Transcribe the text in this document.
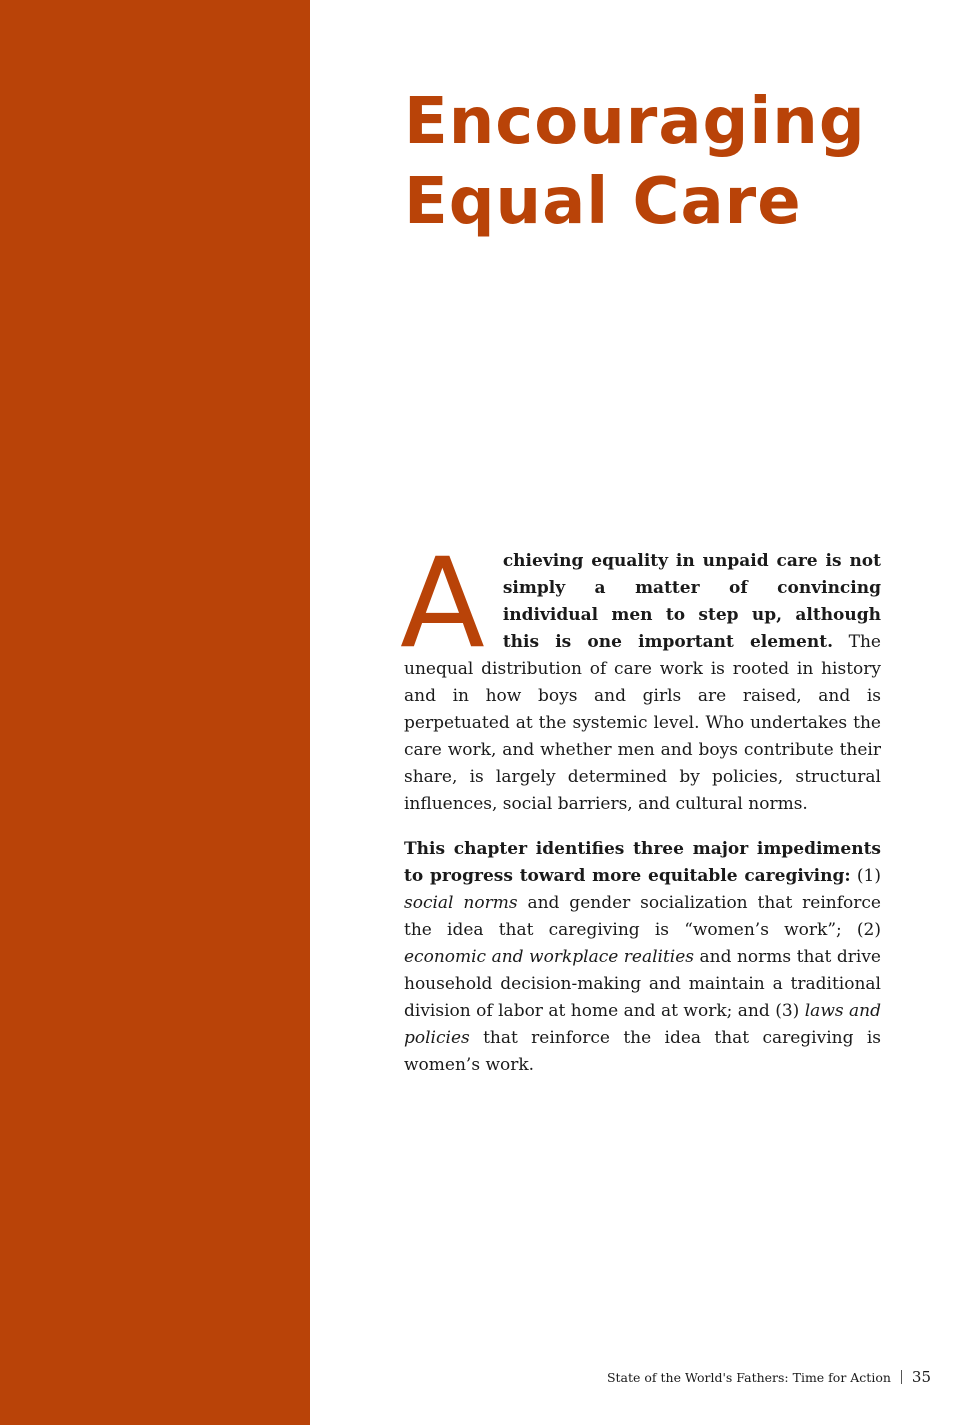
Encouraging
Equal Care

A chieving equality in unpaid care is not simply a matter of convincing individual men to step up, although this is one important element. The unequal distribution of care work is rooted in history and in how boys and girls are raised, and is perpetuated at the systemic level. Who undertakes the care work, and whether men and boys contribute their share, is largely determined by policies, structural influences, social barriers, and cultural norms.

This chapter identifies three major impediments to progress toward more equitable caregiving: (1) social norms and gender socialization that reinforce the idea that caregiving is “women’s work”; (2) economic and workplace realities and norms that drive household decision-making and maintain a traditional division of labor at home and at work; and (3) laws and policies that reinforce the idea that caregiving is women’s work.

State of the World's Fathers: Time for Action 35
